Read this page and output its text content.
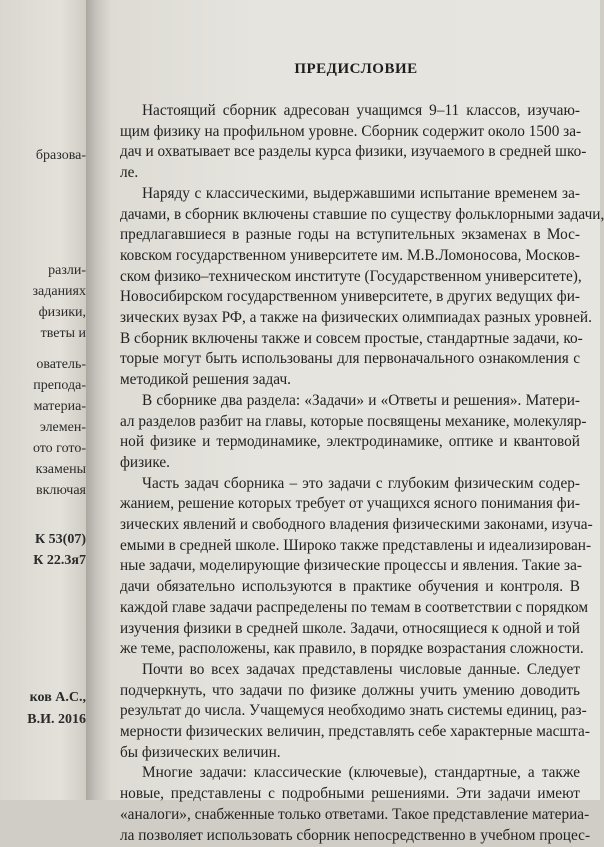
бразова-
разли-
заданиях
физики,
тветы и
ователь-
препода-
материа-
элемен-
ото гото-
кзамены
включая
К 53(07)
К 22.3я7
ков А.С.,
В.И. 2016
ПРЕДИСЛОВИЕ
Настоящий сборник адресован учащимся 9–11 классов, изучаю-
щим физику на профильном уровне. Сборник содержит около 1500 за-
дач и охватывает все разделы курса физики, изучаемого в средней шко-
ле.
Наряду с классическими, выдержавшими испытание временем за-
дачами, в сборник включены ставшие по существу фольклорными задачи,
предлагавшиеся в разные годы на вступительных экзаменах в Мос-
ковском государственном университете им. М.В.Ломоносова, Москов-
ском физико–техническом институте (Государственном университете),
Новосибирском государственном университете, в других ведущих фи-
зических вузах РФ, а также на физических олимпиадах разных уровней.
В сборник включены также и совсем простые, стандартные задачи, ко-
торые могут быть использованы для первоначального ознакомления с
методикой решения задач.
В сборнике два раздела: «Задачи» и «Ответы и решения». Матери-
ал разделов разбит на главы, которые посвящены механике, молекуляр-
ной физике и термодинамике, электродинамике, оптике и квантовой
физике.
Часть задач сборника – это задачи с глубоким физическим содер-
жанием, решение которых требует от учащихся ясного понимания фи-
зических явлений и свободного владения физическими законами, изуча-
емыми в средней школе. Широко также представлены и идеализирован-
ные задачи, моделирующие физические процессы и явления. Такие за-
дачи обязательно используются в практике обучения и контроля. В
каждой главе задачи распределены по темам в соответствии с порядком
изучения физики в средней школе. Задачи, относящиеся к одной и той
же теме, расположены, как правило, в порядке возрастания сложности.
Почти во всех задачах представлены числовые данные. Следует
подчеркнуть, что задачи по физике должны учить умению доводить
результат до числа. Учащемуся необходимо знать системы единиц, раз-
мерности физических величин, представлять себе характерные масшта-
бы физических величин.
Многие задачи: классические (ключевые), стандартные, а также
новые, представлены с подробными решениями. Эти задачи имеют
«аналоги», снабженные только ответами. Такое представление материа-
ла позволяет использовать сборник непосредственно в учебном процес-
